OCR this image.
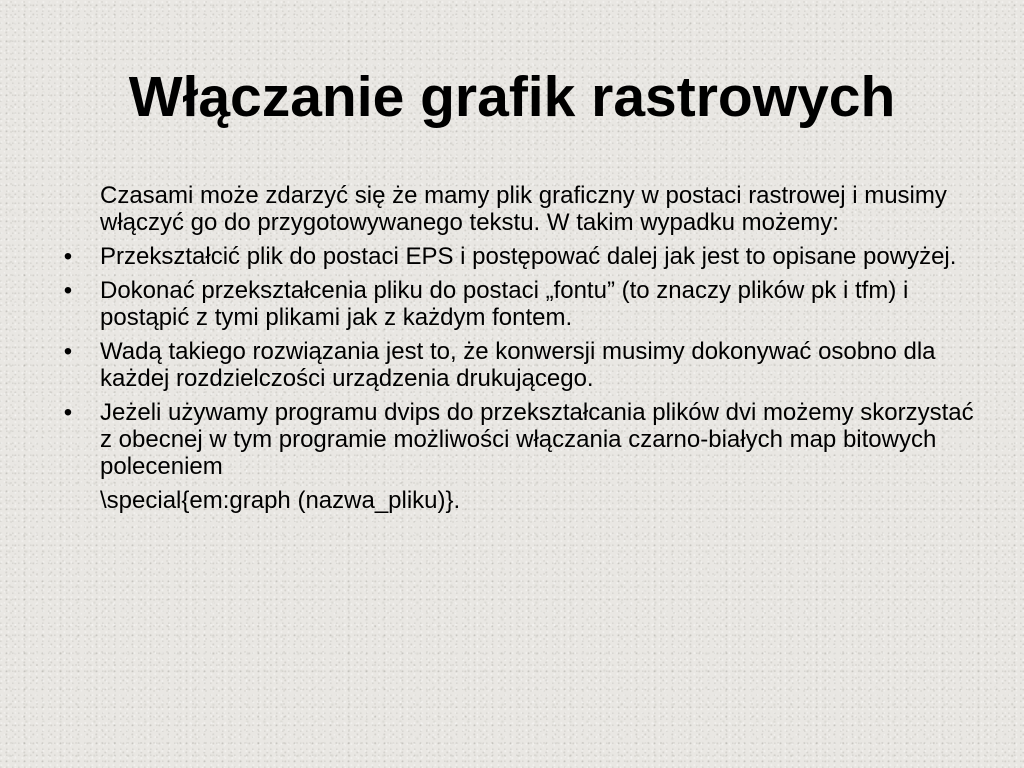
Włączanie grafik rastrowych

Czasami może zdarzyć się że mamy plik graficzny w postaci rastrowej i musimy włączyć go do przygotowywanego tekstu. W takim wypadku możemy:

• Przekształcić plik do postaci EPS i postępować dalej jak jest to opisane powyżej.
• Dokonać przekształcenia pliku do postaci „fontu” (to znaczy plików pk i tfm) i postąpić z tymi plikami jak z każdym fontem.
• Wadą takiego rozwiązania jest to, że konwersji musimy dokonywać osobno dla każdej rozdzielczości urządzenia drukującego.
• Jeżeli używamy programu dvips do przekształcania plików dvi możemy skorzystać z obecnej w tym programie możliwości włączania czarno-białych map bitowych poleceniem

\special{em:graph (nazwa_pliku)}.
